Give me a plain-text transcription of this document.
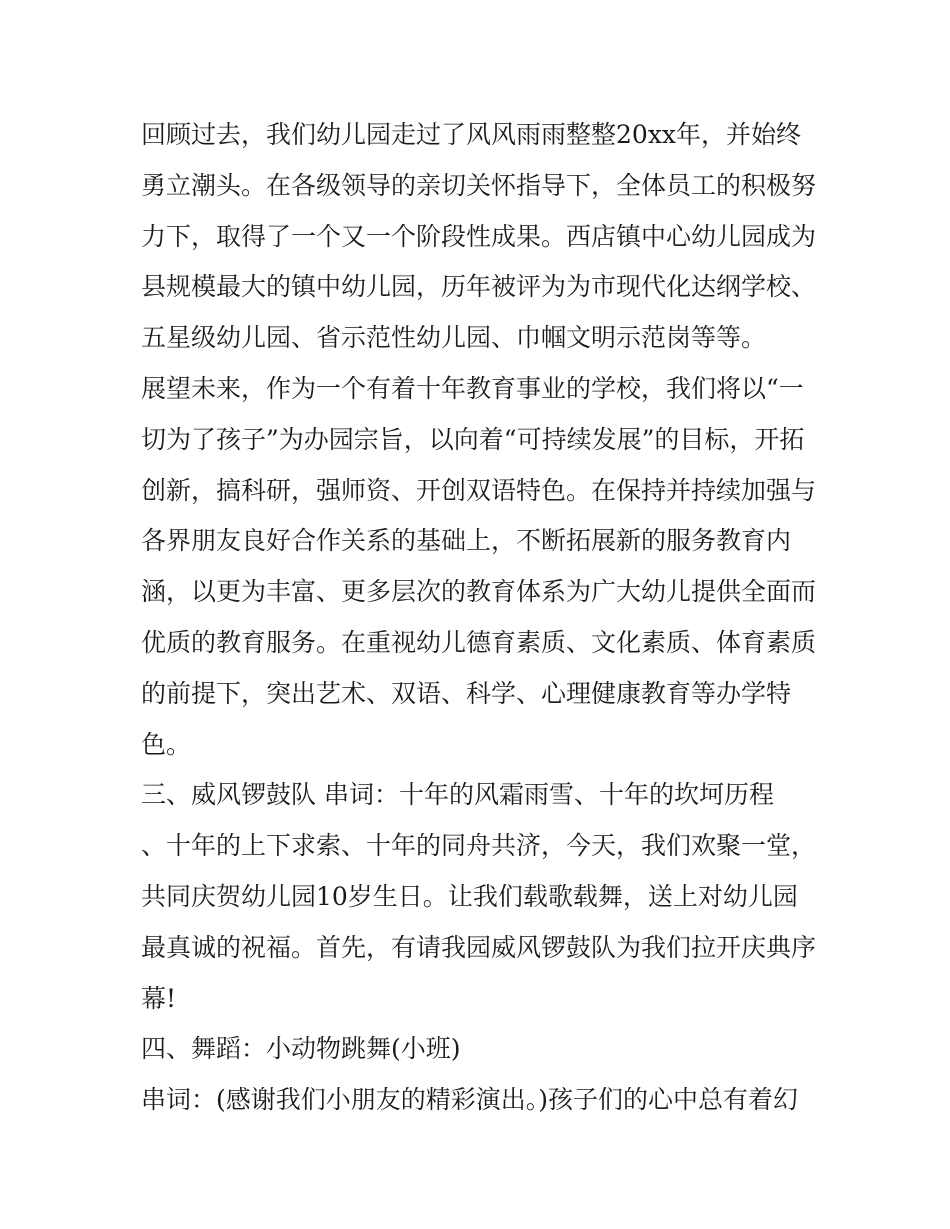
回顾过去，我们幼儿园走过了风风雨雨整整20xx年，并始终
勇立潮头。在各级领导的亲切关怀指导下，全体员工的积极努
力下，取得了一个又一个阶段性成果。西店镇中心幼儿园成为
县规模最大的镇中幼儿园，历年被评为为市现代化达纲学校、
五星级幼儿园、省示范性幼儿园、巾帼文明示范岗等等。
展望未来，作为一个有着十年教育事业的学校，我们将以“一
切为了孩子”为办园宗旨，以向着“可持续发展”的目标，开拓
创新，搞科研，强师资、开创双语特色。在保持并持续加强与
各界朋友良好合作关系的基础上，不断拓展新的服务教育内
涵，以更为丰富、更多层次的教育体系为广大幼儿提供全面而
优质的教育服务。在重视幼儿德育素质、文化素质、体育素质
的前提下，突出艺术、双语、科学、心理健康教育等办学特
色。
三、威风锣鼓队 串词：十年的风霜雨雪、十年的坎坷历程
、十年的上下求索、十年的同舟共济，今天，我们欢聚一堂，
共同庆贺幼儿园10岁生日。让我们载歌载舞，送上对幼儿园
最真诚的祝福。首先，有请我园威风锣鼓队为我们拉开庆典序
幕!
四、舞蹈：小动物跳舞(小班)
串词：(感谢我们小朋友的精彩演出。)孩子们的心中总有着幻
